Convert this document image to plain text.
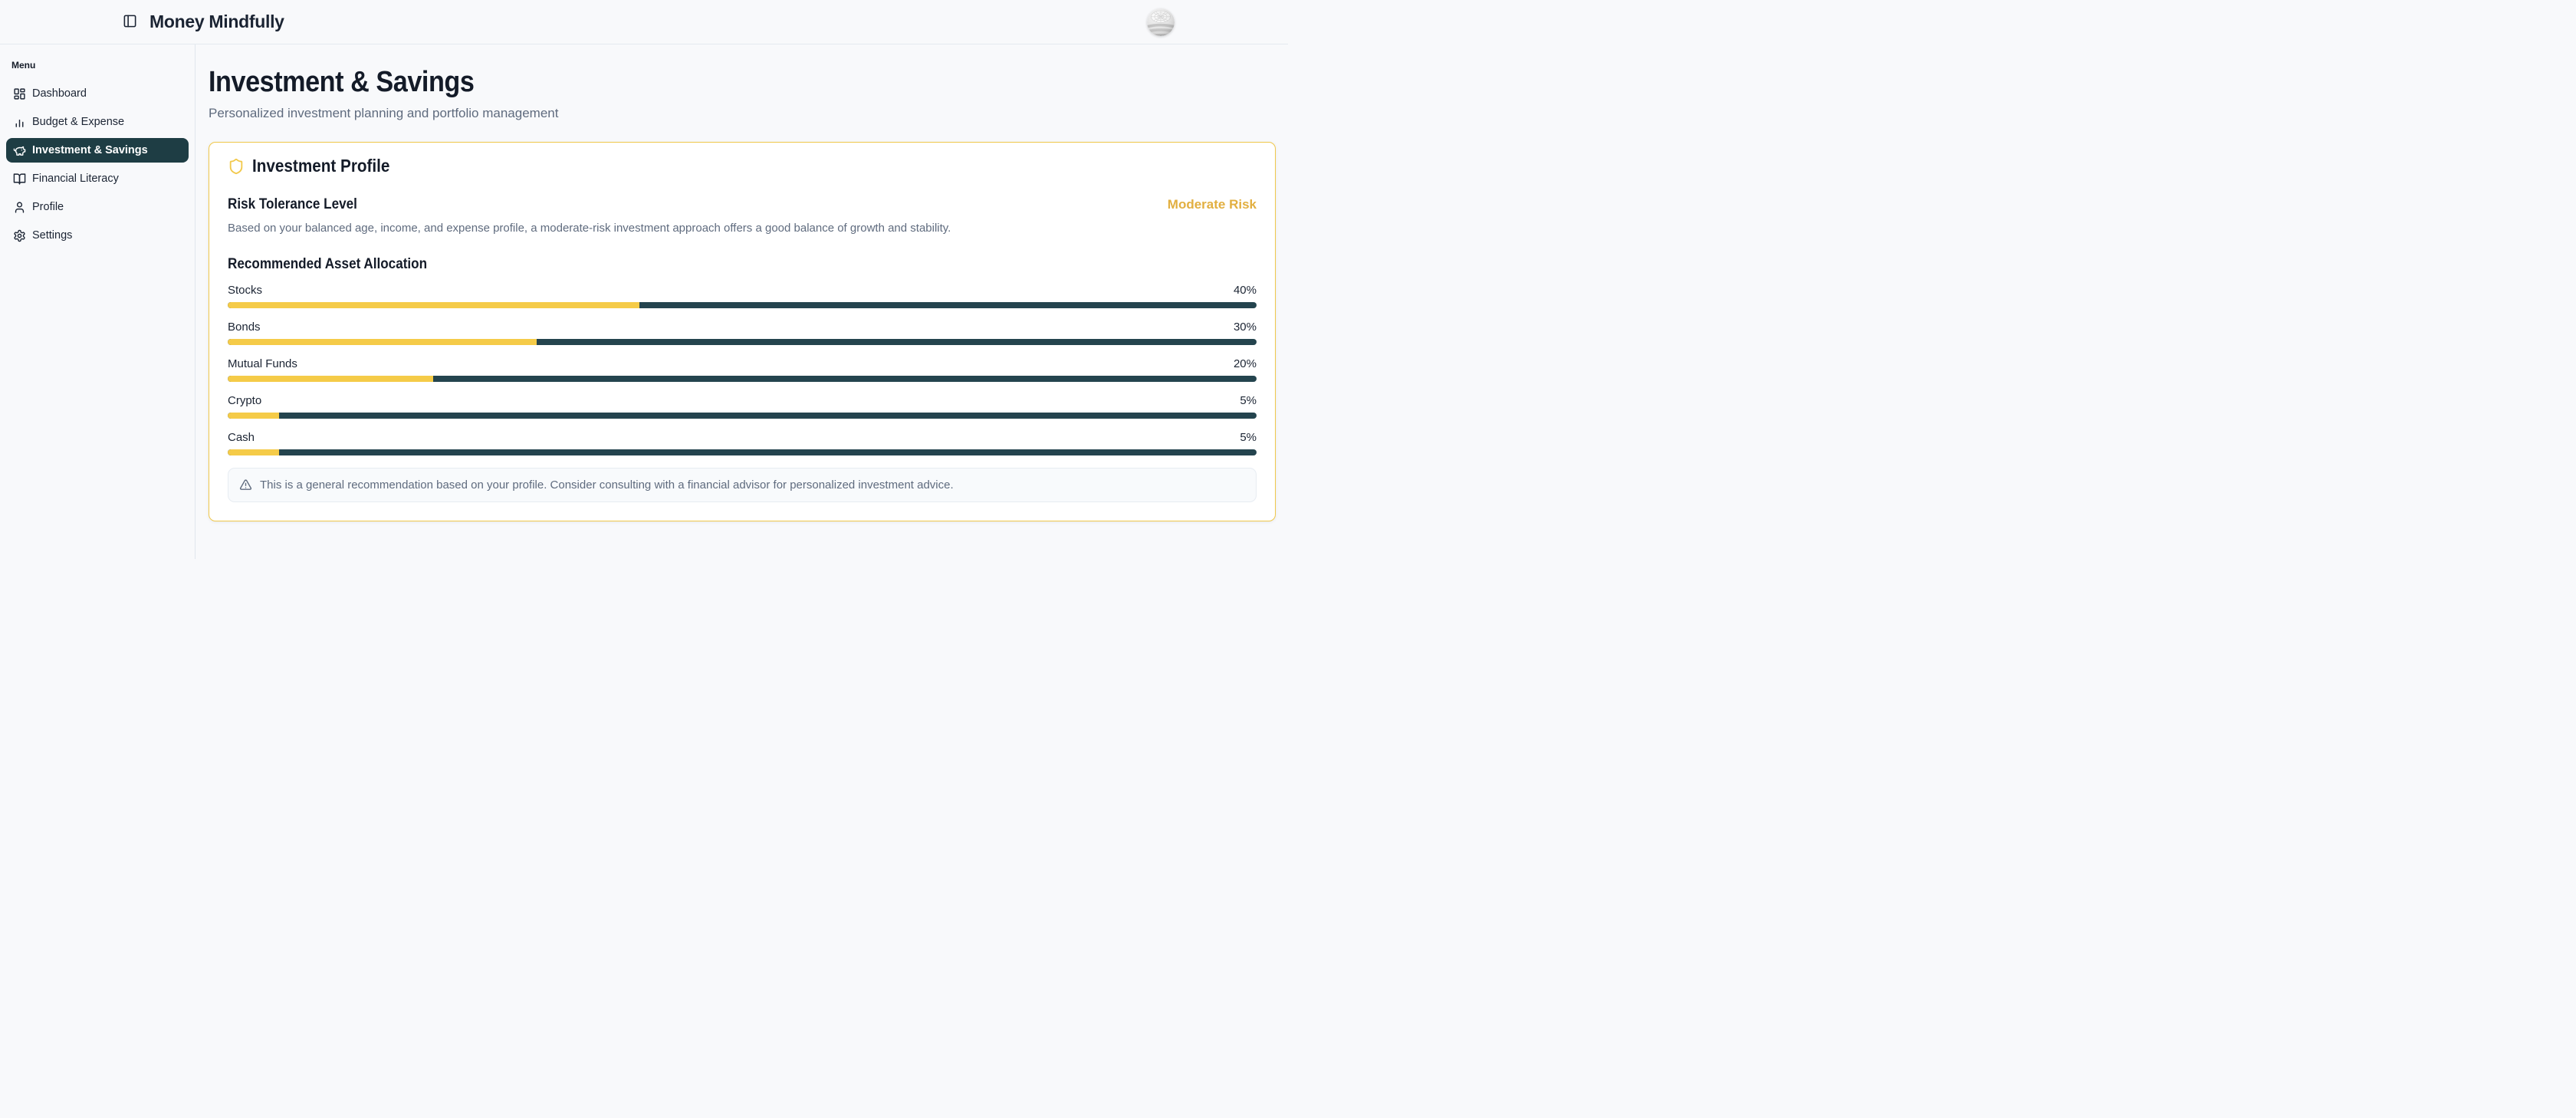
Money Mindfully
Menu
Dashboard
Budget & Expense
Investment & Savings
Financial Literacy
Profile
Settings
Investment & Savings
Personalized investment planning and portfolio management
Investment Profile
Risk Tolerance Level	Moderate Risk
Based on your balanced age, income, and expense profile, a moderate-risk investment approach offers a good balance of growth and stability.
Recommended Asset Allocation
Stocks	40%
Bonds	30%
Mutual Funds	20%
Crypto	5%
Cash	5%
This is a general recommendation based on your profile. Consider consulting with a financial advisor for personalized investment advice.
